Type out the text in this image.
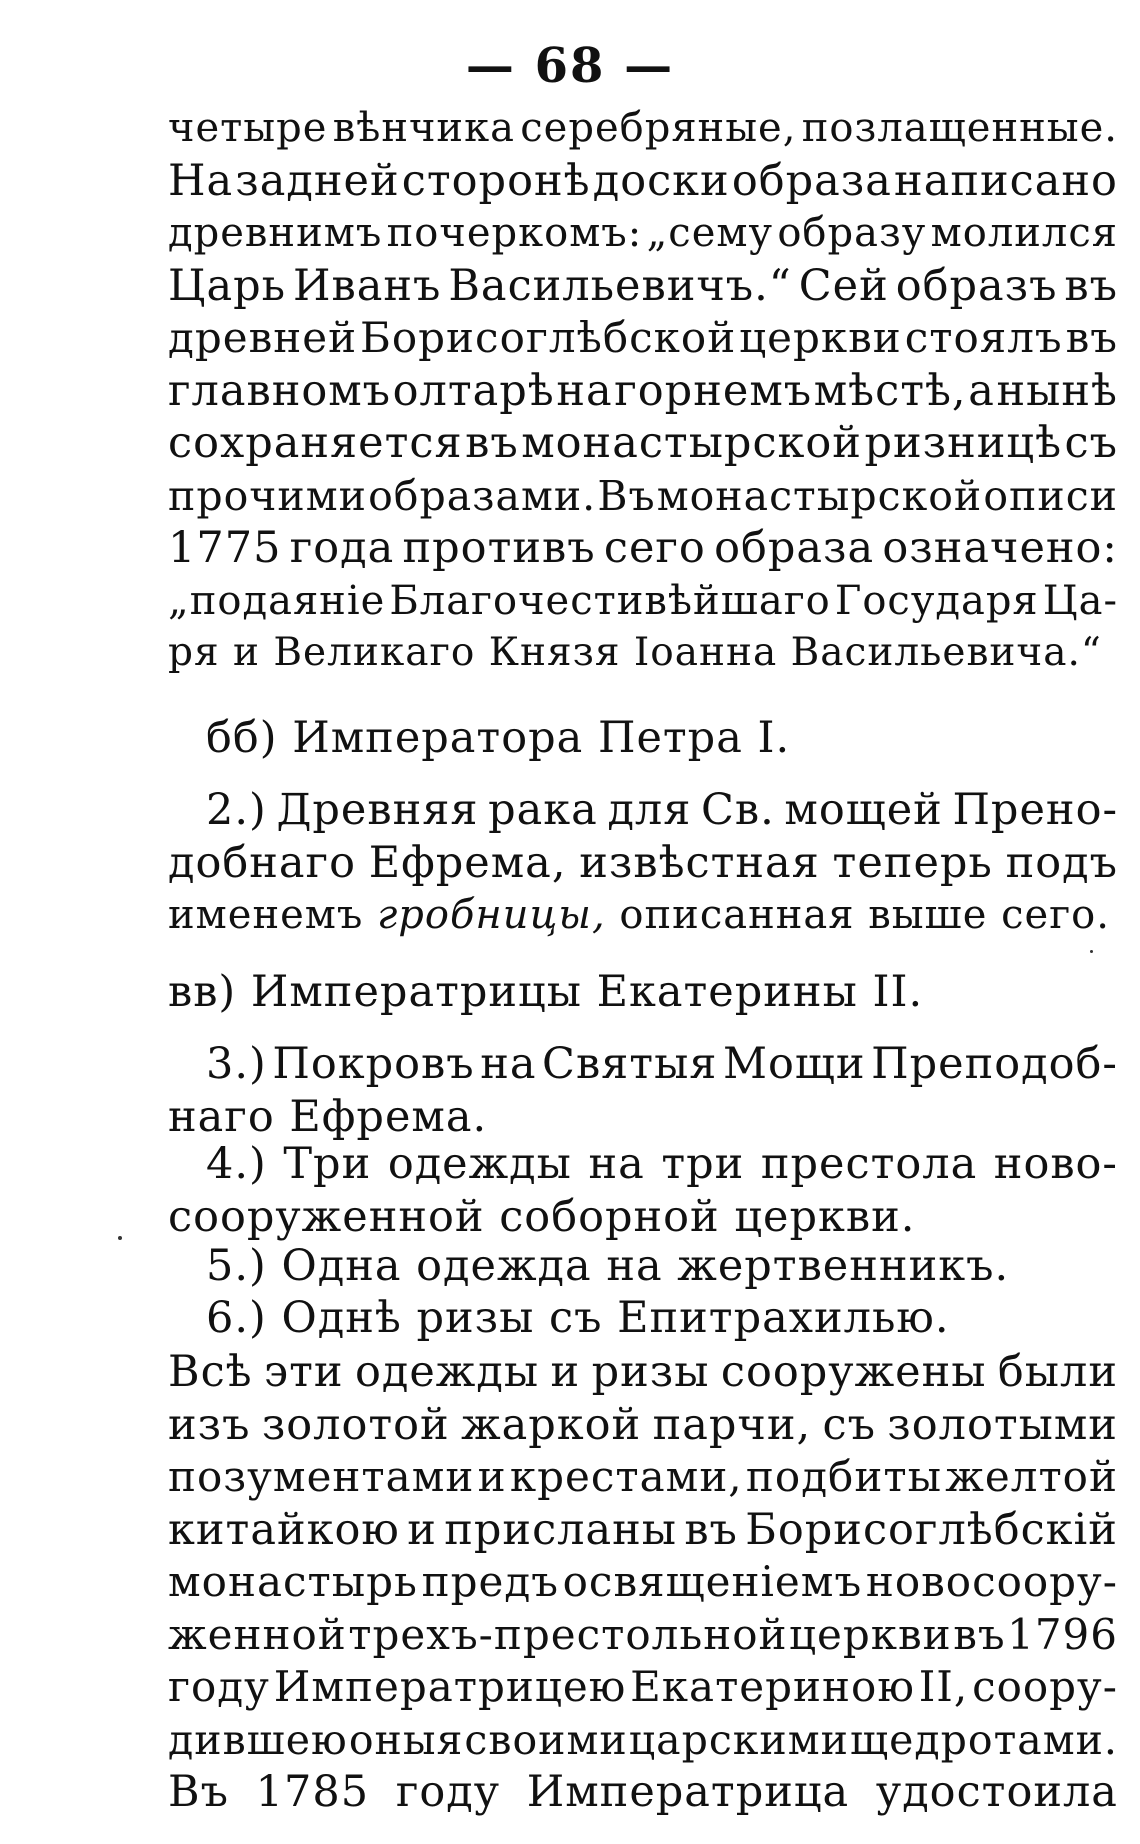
— 68 —
четыре вѣнчика серебряные, позлащенные.
На задней сторонѣ доски образа написано
древнимъ почеркомъ: „сему образу молился
Царь Иванъ Васильевичъ.“ Сей образъ въ
древней Борисоглѣбской церкви стоялъ въ
главномъ олтарѣ на горнемъ мѣстѣ, а нынѣ
сохраняется въ монастырской ризницѣ съ
прочими образами. Въ монастырской описи
1775 года противъ сего образа означено:
„подаяніе Благочестивѣйшаго Государя Ца-
ря и Великаго Князя Іоанна Васильевича.“
бб) Императора Петра I.
2.) Древняя рака для Св. мощей Прено-
добнаго Ефрема, извѣстная теперь подъ
именемъ гробницы, описанная выше сего.
вв) Императрицы Екатерины II.
3.) Покровъ на Святыя Мощи Преподоб-
наго Ефрема.
4.) Три одежды на три престола ново-
сооруженной соборной церкви.
5.) Одна одежда на жертвенникъ.
6.) Однѣ ризы съ Епитрахилью.
Всѣ эти одежды и ризы сооружены были
изъ золотой жаркой парчи, съ золотыми
позументами и крестами, подбиты желтой
китайкою и присланы въ Борисоглѣбскій
монастырь предъ освященіемъ новосоору-
женной трехъ-престольной церкви въ 1796
году Императрицею Екатериною II, соору-
дившею оныя своими царскими щедротами.
Въ 1785 году Императрица удостоила
